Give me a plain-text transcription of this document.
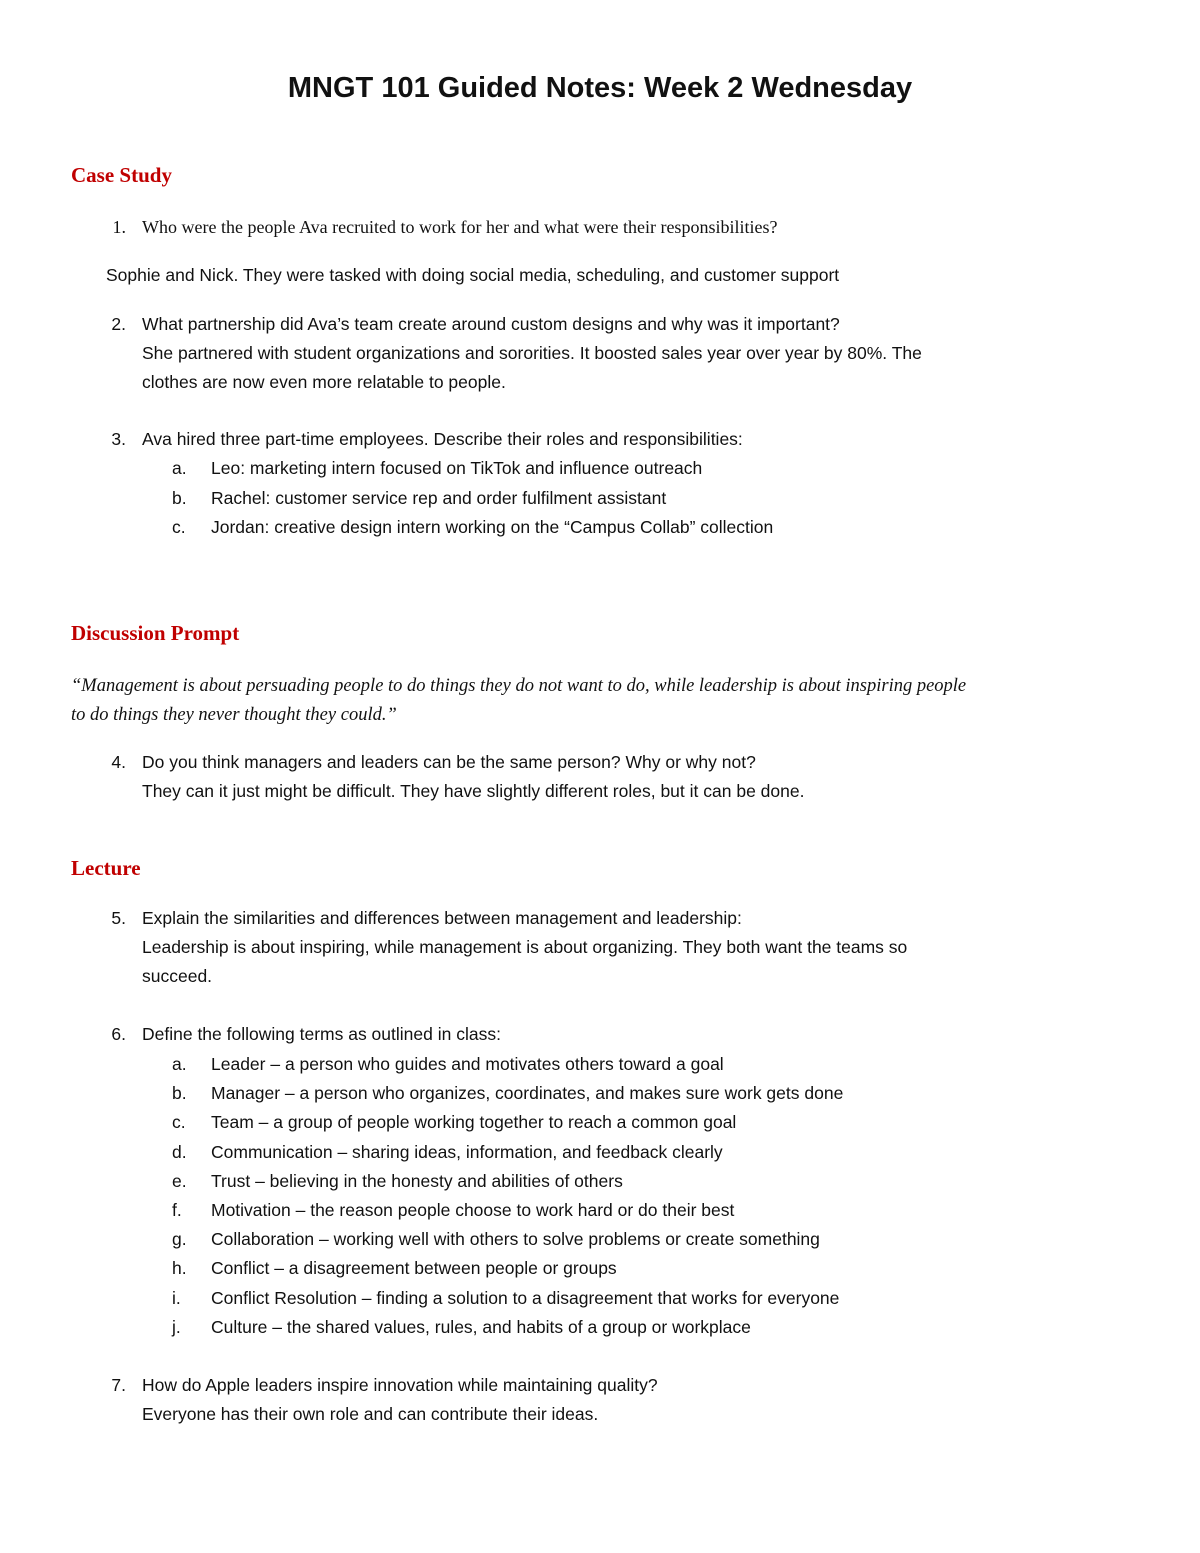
MNGT 101 Guided Notes: Week 2 Wednesday
Case Study
1. Who were the people Ava recruited to work for her and what were their responsibilities?
Sophie and Nick. They were tasked with doing social media, scheduling, and customer support
2. What partnership did Ava’s team create around custom designs and why was it important?
She partnered with student organizations and sororities. It boosted sales year over year by 80%. The
clothes are now even more relatable to people.
3. Ava hired three part-time employees. Describe their roles and responsibilities:
a.	Leo: marketing intern focused on TikTok and influence outreach
b.	Rachel: customer service rep and order fulfilment assistant
c.	Jordan: creative design intern working on the “Campus Collab” collection
Discussion Prompt
“Management is about persuading people to do things they do not want to do, while leadership is about inspiring people
to do things they never thought they could.”
4. Do you think managers and leaders can be the same person? Why or why not?
They can it just might be difficult. They have slightly different roles, but it can be done.
Lecture
5. Explain the similarities and differences between management and leadership:
Leadership is about inspiring, while management is about organizing. They both want the teams so
succeed.
6. Define the following terms as outlined in class:
a.	Leader – a person who guides and motivates others toward a goal
b.	Manager – a person who organizes, coordinates, and makes sure work gets done
c.	Team – a group of people working together to reach a common goal
d.	Communication – sharing ideas, information, and feedback clearly
e.	Trust – believing in the honesty and abilities of others
f.	Motivation – the reason people choose to work hard or do their best
g.	Collaboration – working well with others to solve problems or create something
h.	Conflict – a disagreement between people or groups
i.	Conflict Resolution – finding a solution to a disagreement that works for everyone
j.	Culture – the shared values, rules, and habits of a group or workplace
7. How do Apple leaders inspire innovation while maintaining quality?
Everyone has their own role and can contribute their ideas.
